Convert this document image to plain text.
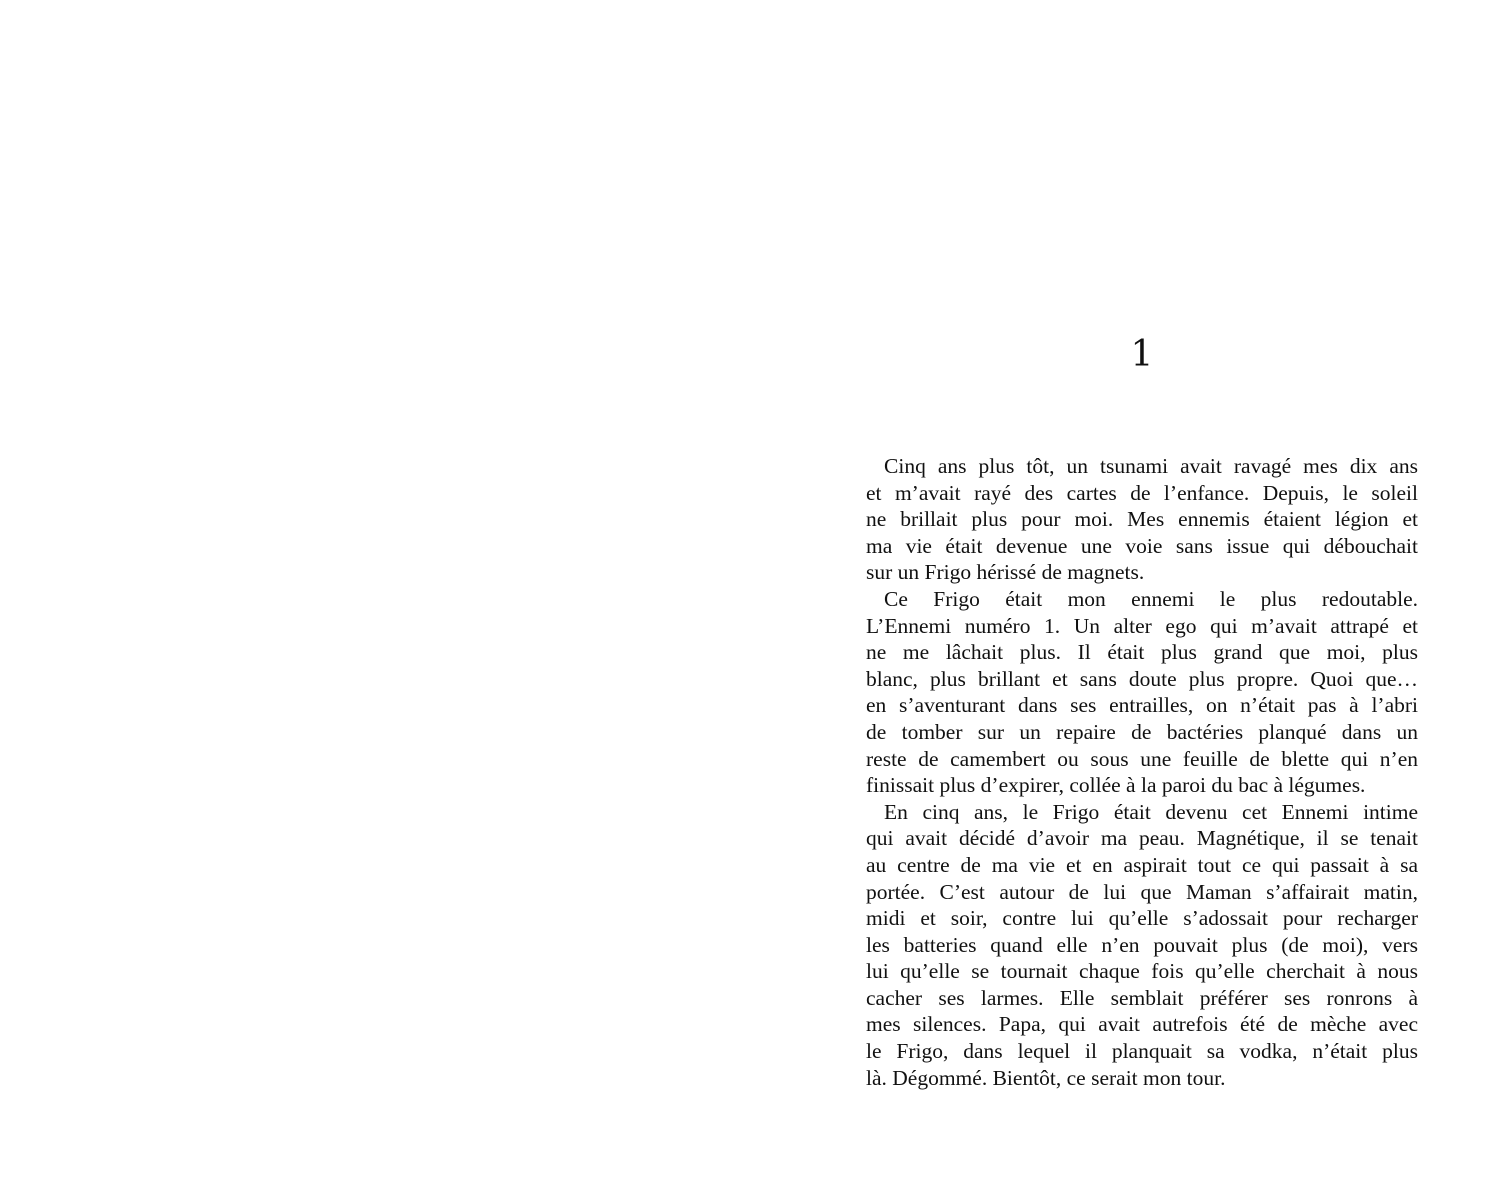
1
Cinq ans plus tôt, un tsunami avait ravagé mes dix ans
et m’avait rayé des cartes de l’enfance. Depuis, le soleil
ne brillait plus pour moi. Mes ennemis étaient légion et
ma vie était devenue une voie sans issue qui débouchait
sur un Frigo hérissé de magnets.
Ce Frigo était mon ennemi le plus redoutable.
L’Ennemi numéro 1. Un alter ego qui m’avait attrapé et
ne me lâchait plus. Il était plus grand que moi, plus
blanc, plus brillant et sans doute plus propre. Quoi que…
en s’aventurant dans ses entrailles, on n’était pas à l’abri
de tomber sur un repaire de bactéries planqué dans un
reste de camembert ou sous une feuille de blette qui n’en
finissait plus d’expirer, collée à la paroi du bac à légumes.
En cinq ans, le Frigo était devenu cet Ennemi intime
qui avait décidé d’avoir ma peau. Magnétique, il se tenait
au centre de ma vie et en aspirait tout ce qui passait à sa
portée. C’est autour de lui que Maman s’affairait matin,
midi et soir, contre lui qu’elle s’adossait pour recharger
les batteries quand elle n’en pouvait plus (de moi), vers
lui qu’elle se tournait chaque fois qu’elle cherchait à nous
cacher ses larmes. Elle semblait préférer ses ronrons à
mes silences. Papa, qui avait autrefois été de mèche avec
le Frigo, dans lequel il planquait sa vodka, n’était plus
là. Dégommé. Bientôt, ce serait mon tour.
